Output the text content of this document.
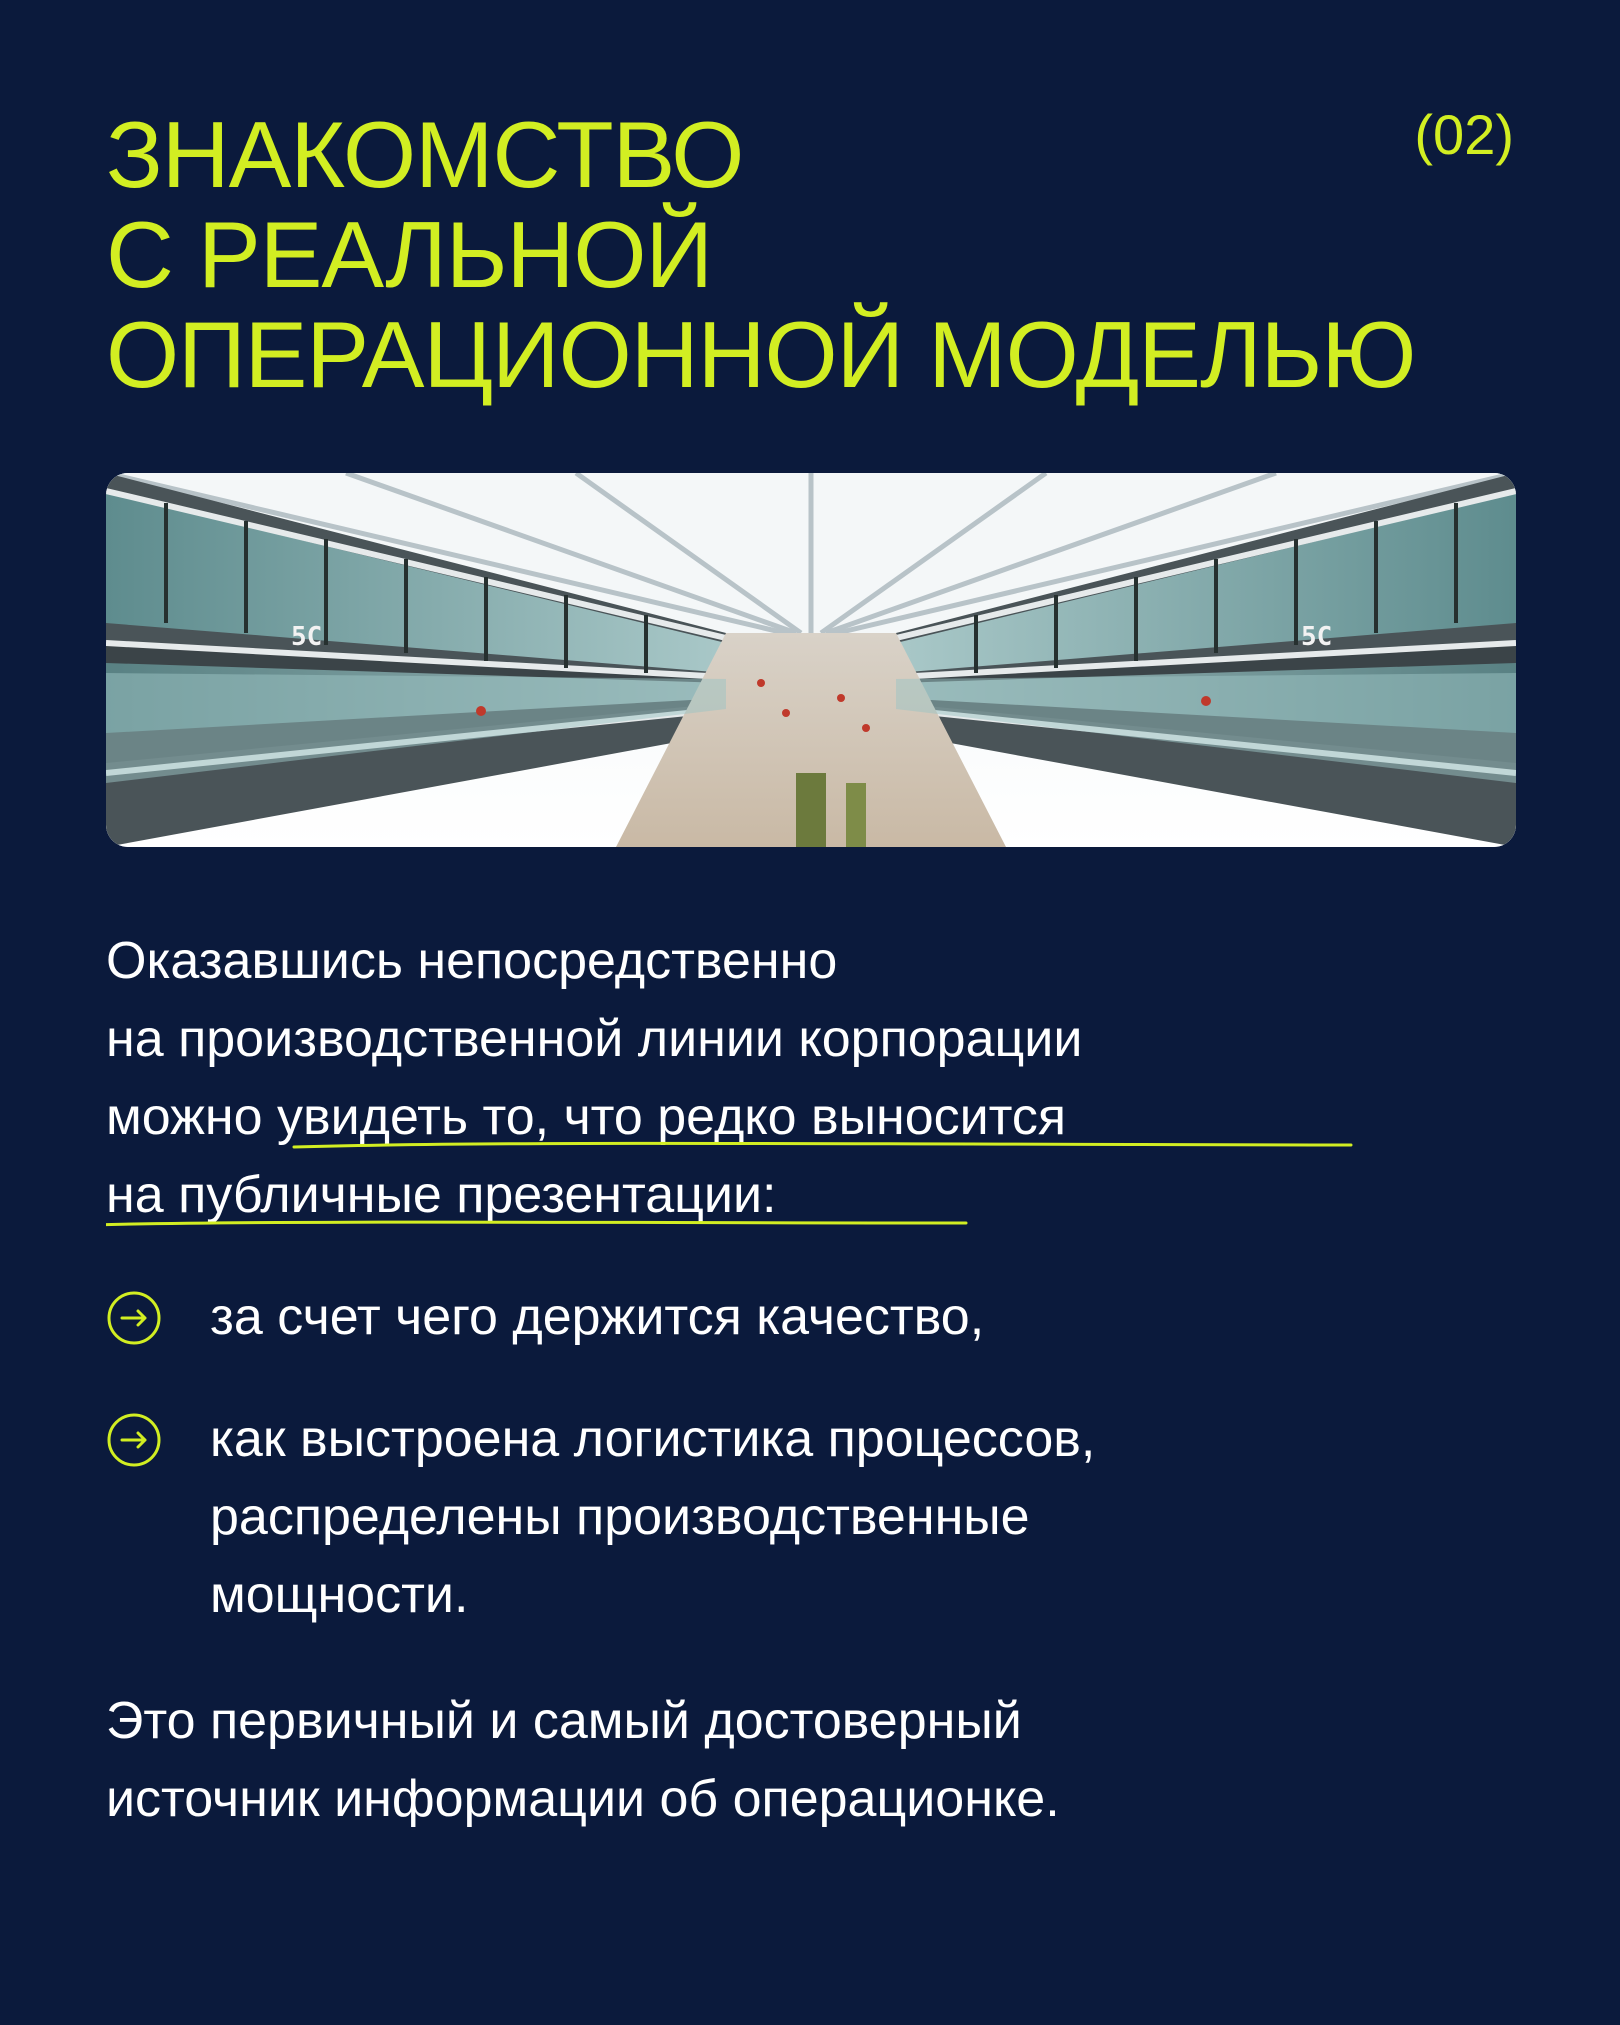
ЗНАКОМСТВО
С РЕАЛЬНОЙ
ОПЕРАЦИОННОЙ МОДЕЛЬЮ
(02)
5C	5C
Оказавшись непосредственно
на производственной линии корпорации
можно увидеть то, что редко выносится
на публичные презентации:
за счет чего держится качество,
как выстроена логистика процессов,
распределены производственные
мощности.
Это первичный и самый достоверный
источник информации об операционке.
